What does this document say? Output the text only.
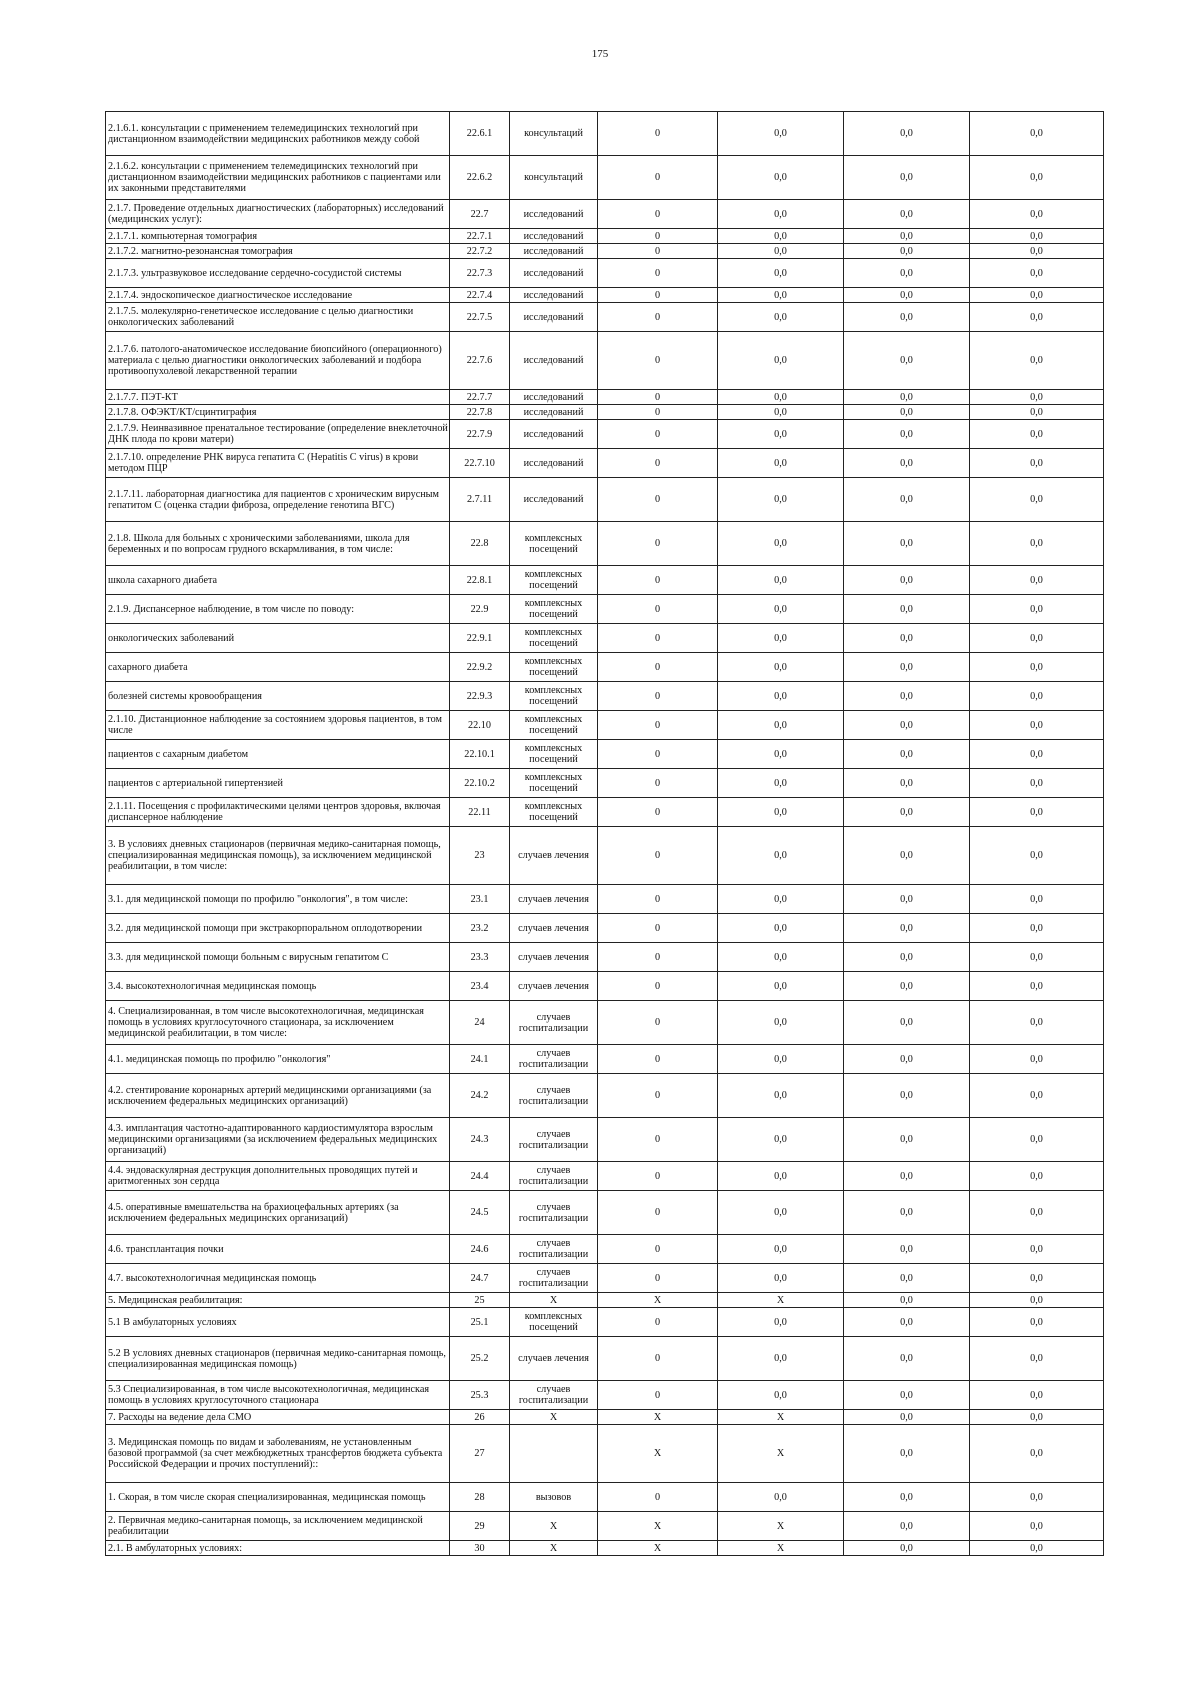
175
2.1.6.1. консультации с применением телемедицинских технологий при дистанционном взаимодействии медицинских работников между собой	22.6.1	консультаций	0	0,0	0,0	0,0
2.1.6.2. консультации с применением телемедицинских технологий при дистанционном взаимодействии медицинских работников с пациентами или их законными представителями	22.6.2	консультаций	0	0,0	0,0	0,0
2.1.7. Проведение отдельных диагностических (лабораторных) исследований (медицинских услуг):	22.7	исследований	0	0,0	0,0	0,0
2.1.7.1. компьютерная томография	22.7.1	исследований	0	0,0	0,0	0,0
2.1.7.2. магнитно-резонансная томография	22.7.2	исследований	0	0,0	0,0	0,0
2.1.7.3. ультразвуковое исследование сердечно-сосудистой системы	22.7.3	исследований	0	0,0	0,0	0,0
2.1.7.4. эндоскопическое диагностическое исследование	22.7.4	исследований	0	0,0	0,0	0,0
2.1.7.5. молекулярно-генетическое исследование с целью диагностики онкологических заболеваний	22.7.5	исследований	0	0,0	0,0	0,0
2.1.7.6. патолого-анатомическое исследование биопсийного (операционного) материала с целью диагностики онкологических заболеваний и подбора противоопухолевой лекарственной терапии	22.7.6	исследований	0	0,0	0,0	0,0
2.1.7.7. ПЭТ-КТ	22.7.7	исследований	0	0,0	0,0	0,0
2.1.7.8. ОФЭКТ/КТ/сцинтиграфия	22.7.8	исследований	0	0,0	0,0	0,0
2.1.7.9. Неинвазивное пренатальное тестирование (определение внеклеточной ДНК плода по крови матери)	22.7.9	исследований	0	0,0	0,0	0,0
2.1.7.10. определение РНК вируса гепатита С (Hepatitis C virus) в крови методом ПЦР	22.7.10	исследований	0	0,0	0,0	0,0
2.1.7.11. лабораторная диагностика для пациентов с хроническим вирусным гепатитом С (оценка стадии фиброза, определение генотипа ВГС)	2.7.11	исследований	0	0,0	0,0	0,0
2.1.8. Школа для больных с хроническими заболеваниями, школа для беременных и по вопросам грудного вскармливания, в том числе:	22.8	комплексных посещений	0	0,0	0,0	0,0
школа сахарного диабета	22.8.1	комплексных посещений	0	0,0	0,0	0,0
2.1.9. Диспансерное наблюдение, в том числе по поводу:	22.9	комплексных посещений	0	0,0	0,0	0,0
онкологических заболеваний	22.9.1	комплексных посещений	0	0,0	0,0	0,0
сахарного диабета	22.9.2	комплексных посещений	0	0,0	0,0	0,0
болезней системы кровообращения	22.9.3	комплексных посещений	0	0,0	0,0	0,0
2.1.10. Дистанционное наблюдение за состоянием здоровья пациентов, в том числе	22.10	комплексных посещений	0	0,0	0,0	0,0
пациентов с сахарным диабетом	22.10.1	комплексных посещений	0	0,0	0,0	0,0
пациентов с артериальной гипертензией	22.10.2	комплексных посещений	0	0,0	0,0	0,0
2.1.11. Посещения с профилактическими целями центров здоровья, включая диспансерное наблюдение	22.11	комплексных посещений	0	0,0	0,0	0,0
3. В условиях дневных стационаров (первичная медико-санитарная помощь, специализированная медицинская помощь), за исключением медицинской реабилитации, в том числе:	23	случаев лечения	0	0,0	0,0	0,0
3.1. для медицинской помощи по профилю "онкология", в том числе:	23.1	случаев лечения	0	0,0	0,0	0,0
3.2. для медицинской помощи при экстракорпоральном оплодотворении	23.2	случаев лечения	0	0,0	0,0	0,0
3.3. для медицинской помощи больным с вирусным гепатитом С	23.3	случаев лечения	0	0,0	0,0	0,0
3.4. высокотехнологичная медицинская помощь	23.4	случаев лечения	0	0,0	0,0	0,0
4. Специализированная, в том числе высокотехнологичная, медицинская помощь в условиях круглосуточного стационара, за исключением медицинской реабилитации, в том числе:	24	случаев госпитализации	0	0,0	0,0	0,0
4.1. медицинская помощь по профилю "онкология"	24.1	случаев госпитализации	0	0,0	0,0	0,0
4.2. стентирование коронарных артерий медицинскими организациями (за исключением федеральных медицинских организаций)	24.2	случаев госпитализации	0	0,0	0,0	0,0
4.3. имплантация частотно-адаптированного кардиостимулятора взрослым медицинскими организациями (за исключением федеральных медицинских организаций)	24.3	случаев госпитализации	0	0,0	0,0	0,0
4.4. эндоваскулярная деструкция дополнительных проводящих путей и аритмогенных зон сердца	24.4	случаев госпитализации	0	0,0	0,0	0,0
4.5. оперативные вмешательства на брахиоцефальных артериях (за исключением федеральных медицинских организаций)	24.5	случаев госпитализации	0	0,0	0,0	0,0
4.6. трансплантация почки	24.6	случаев госпитализации	0	0,0	0,0	0,0
4.7. высокотехнологичная медицинская помощь	24.7	случаев госпитализации	0	0,0	0,0	0,0
5. Медицинская реабилитация:	25	X	X	X	0,0	0,0
5.1 В амбулаторных условиях	25.1	комплексных посещений	0	0,0	0,0	0,0
5.2 В условиях дневных стационаров (первичная медико-санитарная помощь, специализированная медицинская помощь)	25.2	случаев лечения	0	0,0	0,0	0,0
5.3 Специализированная, в том числе высокотехнологичная, медицинская помощь в условиях круглосуточного стационара	25.3	случаев госпитализации	0	0,0	0,0	0,0
7. Расходы на ведение дела СМО	26	X	X	X	0,0	0,0
3. Медицинская помощь по видам и заболеваниям, не установленным базовой программой (за счет межбюджетных трансфертов бюджета субъекта Российской Федерации и прочих поступлений)::	27		X	X	0,0	0,0
1. Скорая, в том числе скорая специализированная, медицинская помощь	28	вызовов	0	0,0	0,0	0,0
2. Первичная медико-санитарная помощь, за исключением медицинской реабилитации	29	X	X	X	0,0	0,0
2.1. В амбулаторных условиях:	30	X	X	X	0,0	0,0
